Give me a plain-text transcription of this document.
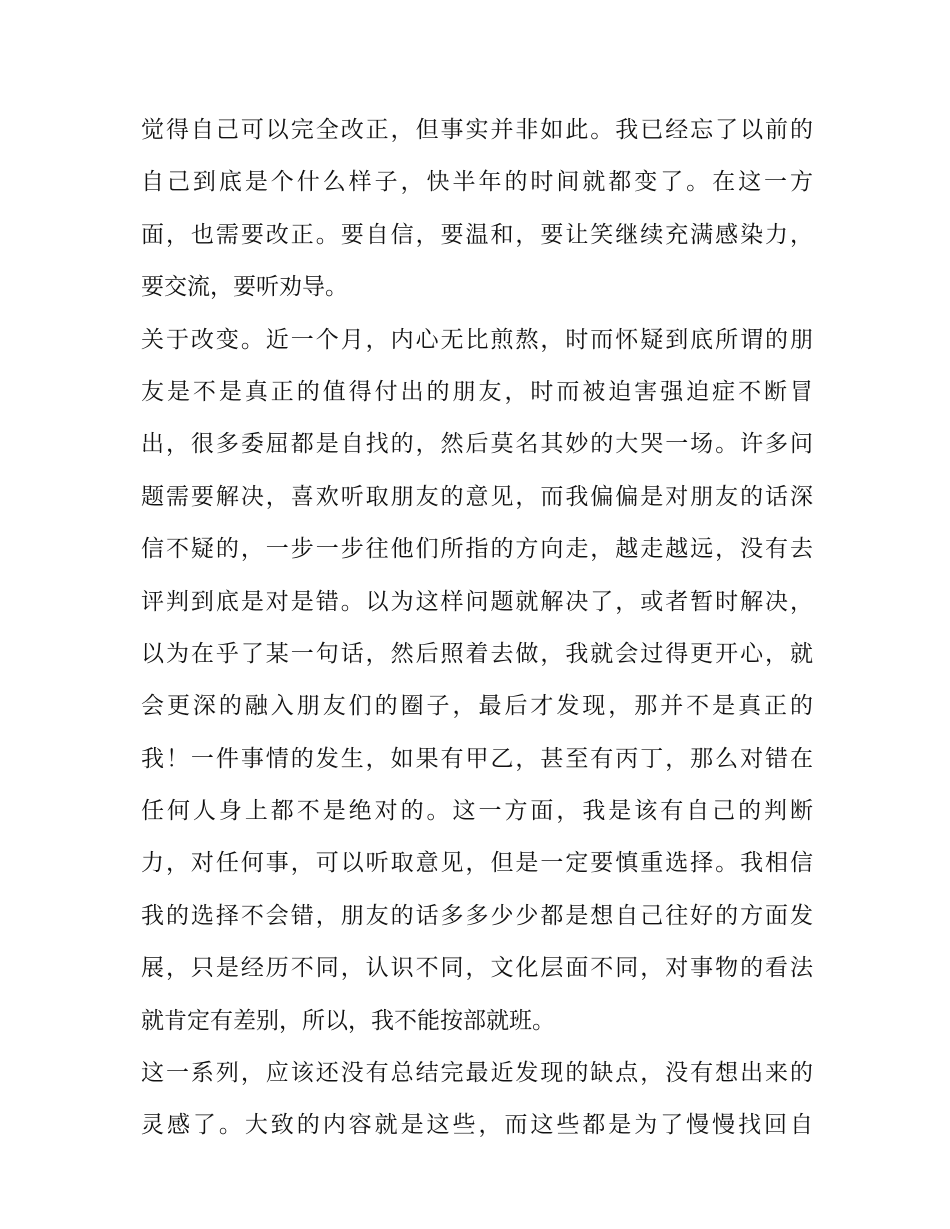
觉得自己可以完全改正，但事实并非如此。我已经忘了以前的
自己到底是个什么样子，快半年的时间就都变了。在这一方
面，也需要改正。要自信，要温和，要让笑继续充满感染力，
要交流，要听劝导。
关于改变。近一个月，内心无比煎熬，时而怀疑到底所谓的朋
友是不是真正的值得付出的朋友，时而被迫害强迫症不断冒
出，很多委屈都是自找的，然后莫名其妙的大哭一场。许多问
题需要解决，喜欢听取朋友的意见，而我偏偏是对朋友的话深
信不疑的，一步一步往他们所指的方向走，越走越远，没有去
评判到底是对是错。以为这样问题就解决了，或者暂时解决，
以为在乎了某一句话，然后照着去做，我就会过得更开心，就
会更深的融入朋友们的圈子，最后才发现，那并不是真正的
我！一件事情的发生，如果有甲乙，甚至有丙丁，那么对错在
任何人身上都不是绝对的。这一方面，我是该有自己的判断
力，对任何事，可以听取意见，但是一定要慎重选择。我相信
我的选择不会错，朋友的话多多少少都是想自己往好的方面发
展，只是经历不同，认识不同，文化层面不同，对事物的看法
就肯定有差别，所以，我不能按部就班。
这一系列，应该还没有总结完最近发现的缺点，没有想出来的
灵感了。大致的内容就是这些，而这些都是为了慢慢找回自
